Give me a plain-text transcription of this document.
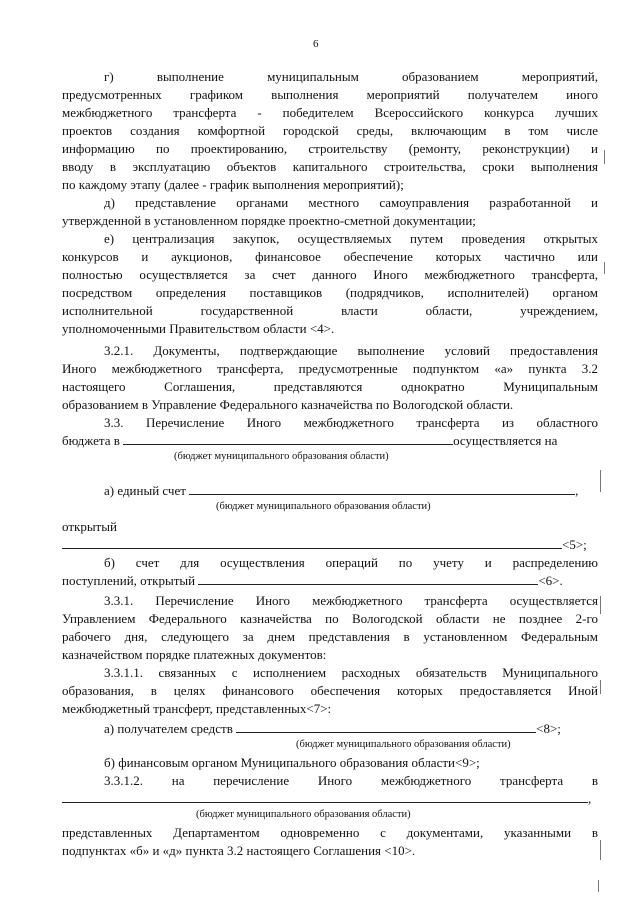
6
г) выполнение муниципальным образованием мероприятий,
предусмотренных графиком выполнения мероприятий получателем иного
межбюджетного трансферта - победителем Всероссийского конкурса лучших
проектов создания комфортной городской среды, включающим в том числе
информацию по проектированию, строительству (ремонту, реконструкции) и
вводу в эксплуатацию объектов капитального строительства, сроки выполнения
по каждому этапу (далее - график выполнения мероприятий);
д) представление органами местного самоуправления разработанной и
утвержденной в установленном порядке проектно-сметной документации;
е) централизация закупок, осуществляемых путем проведения открытых
конкурсов и аукционов, финансовое обеспечение которых частично или
полностью осуществляется за счет данного Иного межбюджетного трансферта,
посредством определения поставщиков (подрядчиков, исполнителей) органом
исполнительной государственной власти области, учреждением,
уполномоченными Правительством области <4>.
3.2.1. Документы, подтверждающие выполнение условий предоставления
Иного межбюджетного трансферта, предусмотренные подпунктом «а» пункта 3.2
настоящего Соглашения, представляются однократно Муниципальным
образованием в Управление Федерального казначейства по Вологодской области.
3.3. Перечисление Иного межбюджетного трансферта из областного
бюджета в	осуществляется на
(бюджет муниципального образования области)
а) единый счет	,
(бюджет муниципального образования области)
открытый
<5>;
б) счет для осуществления операций по учету и распределению
поступлений, открытый	<6>.
3.3.1. Перечисление Иного межбюджетного трансферта осуществляется
Управлением Федерального казначейства по Вологодской области не позднее 2-го
рабочего дня, следующего за днем представления в установленном Федеральным
казначейством порядке платежных документов:
3.3.1.1. связанных с исполнением расходных обязательств Муниципального
образования, в целях финансового обеспечения которых предоставляется Иной
межбюджетный трансферт, представленных<7>:
а) получателем средств	<8>;
(бюджет муниципального образования области)
б) финансовым органом Муниципального образования области<9>;
3.3.1.2. на перечисление Иного межбюджетного трансферта в
,
(бюджет муниципального образования области)
представленных Департаментом одновременно с документами, указанными в
подпунктах «б» и «д» пункта 3.2 настоящего Соглашения <10>.
